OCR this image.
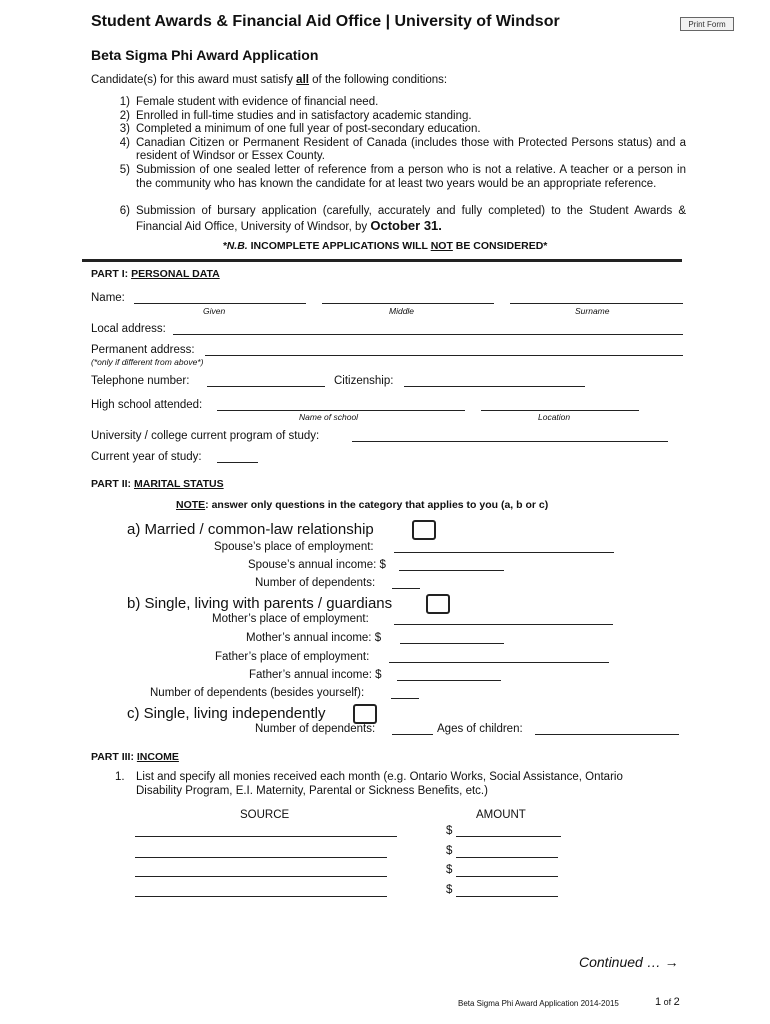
Student Awards & Financial Aid Office | University of Windsor	Print Form
Beta Sigma Phi Award Application
Candidate(s) for this award must satisfy all of the following conditions:
1) Female student with evidence of financial need.
2) Enrolled in full-time studies and in satisfactory academic standing.
3) Completed a minimum of one full year of post-secondary education.
4) Canadian Citizen or Permanent Resident of Canada (includes those with Protected Persons status) and a resident of Windsor or Essex County.
5) Submission of one sealed letter of reference from a person who is not a relative. A teacher or a person in the community who has known the candidate for at least two years would be an appropriate reference.
6) Submission of bursary application (carefully, accurately and fully completed) to the Student Awards & Financial Aid Office, University of Windsor, by October 31.
*N.B. INCOMPLETE APPLICATIONS WILL NOT BE CONSIDERED*
PART I: PERSONAL DATA
Name:
Given	Middle	Surname
Local address:
Permanent address:
(*only if different from above*)
Telephone number:	Citizenship:
High school attended:
Name of school	Location
University / college current program of study:
Current year of study:
PART II: MARITAL STATUS
NOTE: answer only questions in the category that applies to you (a, b or c)
a) Married / common-law relationship
Spouse’s place of employment:
Spouse’s annual income: $
Number of dependents:
b) Single, living with parents / guardians
Mother’s place of employment:
Mother’s annual income: $
Father’s place of employment:
Father’s annual income: $
Number of dependents (besides yourself):
c) Single, living independently
Number of dependents:	Ages of children:
PART III: INCOME
1. List and specify all monies received each month (e.g. Ontario Works, Social Assistance, Ontario
Disability Program, E.I. Maternity, Parental or Sickness Benefits, etc.)
SOURCE	AMOUNT
$
$
$
$
Continued … →
Beta Sigma Phi Award Application 2014-2015	1 of 2
